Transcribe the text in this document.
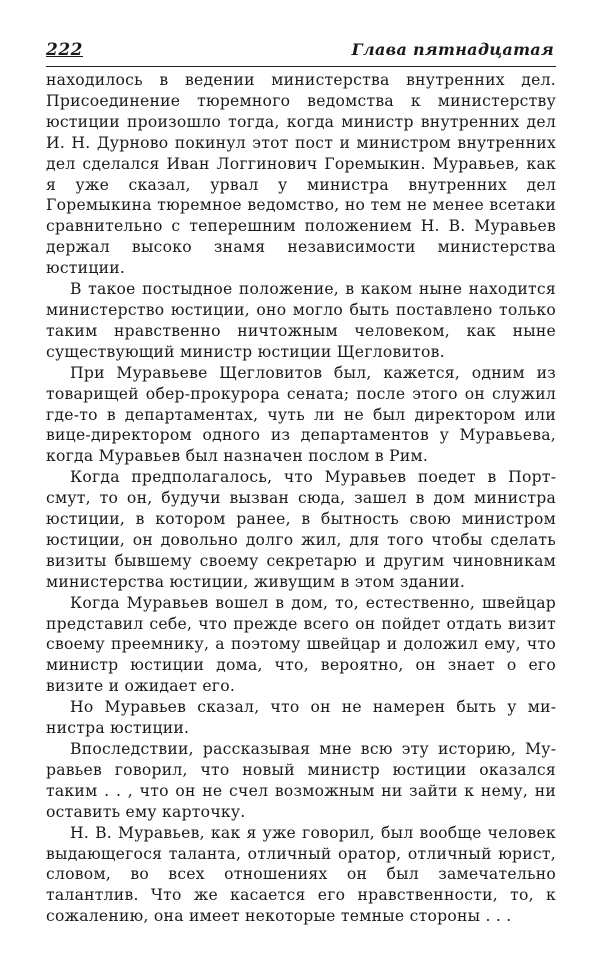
222	Глава пятнадцатая

находилось в ведении министерства внутренних дел. Присоединение тюремного ведомства к министерству юстиции произошло тогда, когда министр внутренних дел И. Н. Дурново покинул этот пост и министром внутренних дел сделался Иван Логгинович Горемыкин. Муравьев, как я уже сказал, урвал у министра внутренних дел Горемыкина тюремное ведомство, но тем не менее всетаки сравнительно с теперешним положением Н. В. Муравьев держал высоко знамя независимости министерства юстиции.

В такое постыдное положение, в каком ныне находится министерство юстиции, оно могло быть поставлено только таким нравственно ничтожным человеком, как ныне существующий министр юстиции Щегловитов.

При Муравьеве Щегловитов был, кажется, одним из товарищей обер-прокурора сената; после этого он служил где-то в департаментах, чуть ли не был директором или вице-директором одного из департаментов у Муравьева, когда Муравьев был назначен послом в Рим.

Когда предполагалось, что Муравьев поедет в Портсмут, то он, будучи вызван сюда, зашел в дом министра юстиции, в котором ранее, в бытность свою министром юстиции, он довольно долго жил, для того чтобы сделать визиты бывшему своему секретарю и другим чиновникам министерства юстиции, живущим в этом здании.

Когда Муравьев вошел в дом, то, естественно, швейцар представил себе, что прежде всего он пойдет отдать визит своему преемнику, а поэтому швейцар и доложил ему, что министр юстиции дома, что, вероятно, он знает о его визите и ожидает его.

Но Муравьев сказал, что он не намерен быть у министра юстиции.

Впоследствии, рассказывая мне всю эту историю, Муравьев говорил, что новый министр юстиции оказался таким . . , что он не счел возможным ни зайти к нему, ни оставить ему карточку.

Н. В. Муравьев, как я уже говорил, был вообще человек выдающегося таланта, отличный оратор, отличный юрист, словом, во всех отношениях он был замечательно талантлив. Что же касается его нравственности, то, к сожалению, она имеет некоторые темные стороны . . .
